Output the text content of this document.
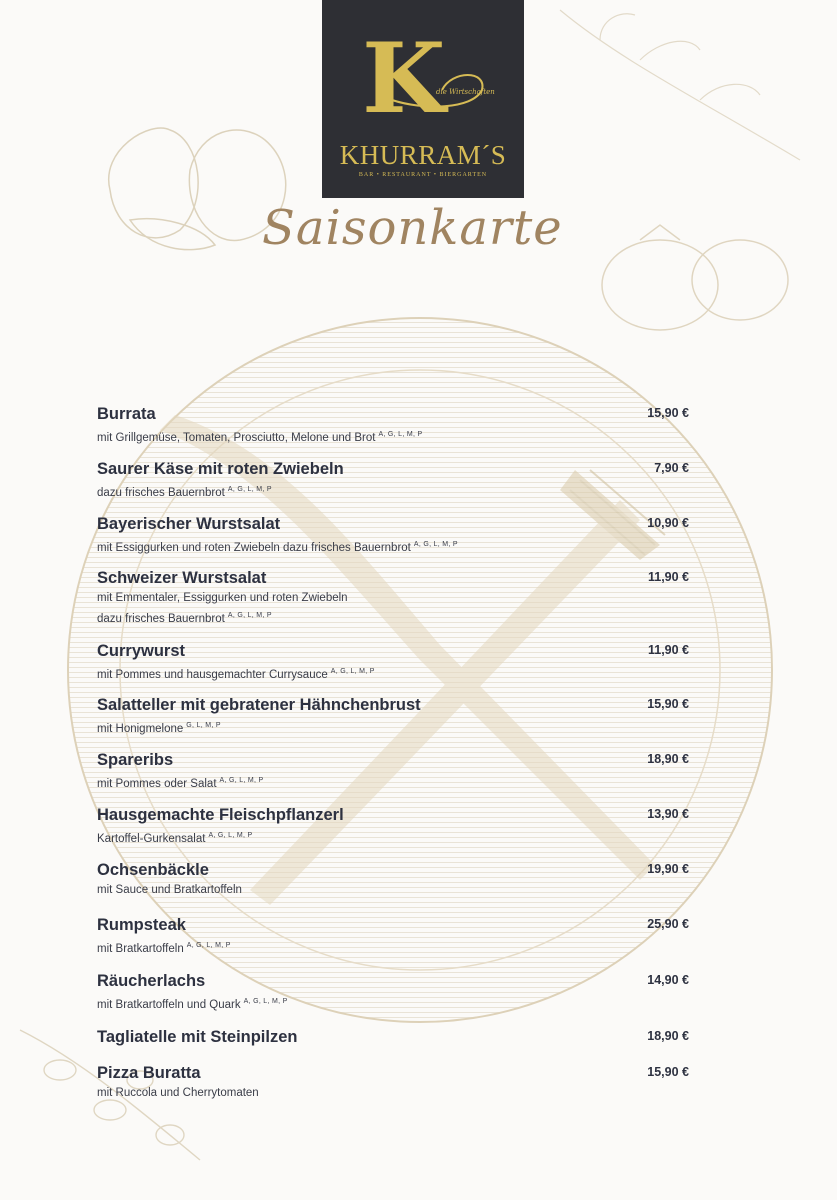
K
KHURRAM´S
BAR • RESTAURANT • BIERGARTEN
die Wirtschaften
Saisonkarte
Burrata
mit Grillgemüse, Tomaten, Prosciutto, Melone und Brot $^{A, G, L, M, P}$
15,90 €
Saurer Käse mit roten Zwiebeln
dazu frisches Bauernbrot $^{A, G, L, M, P}$
7,90 €
Bayerischer Wurstsalat
mit Essiggurken und roten Zwiebeln dazu frisches Bauernbrot $^{A, G, L, M, P}$
10,90 €
Schweizer Wurstsalat
mit Emmentaler, Essiggurken und roten Zwiebeln
dazu frisches Bauernbrot $^{A, G, L, M, P}$
11,90 €
Currywurst
mit Pommes und hausgemachter Currysauce $^{A, G, L, M, P}$
11,90 €
Salatteller mit gebratener Hähnchenbrust
mit Honigmelone $^{G, L, M, P}$
15,90 €
Spareribs
mit Pommes oder Salat $^{A, G, L, M, P}$
18,90 €
Hausgemachte Fleischpflanzerl
Kartoffel-Gurkensalat $^{A, G, L, M, P}$
13,90 €
Ochsenbäckle
mit Sauce und Bratkartoffeln
19,90 €
Rumpsteak
mit Bratkartoffeln $^{A, G, L, M, P}$
25,90 €
Räucherlachs
mit Bratkartoffeln und Quark $^{A, G, L, M, P}$
14,90 €
Tagliatelle mit Steinpilzen	18,90 €
Pizza Buratta
mit Ruccola und Cherrytomaten
15,90 €
